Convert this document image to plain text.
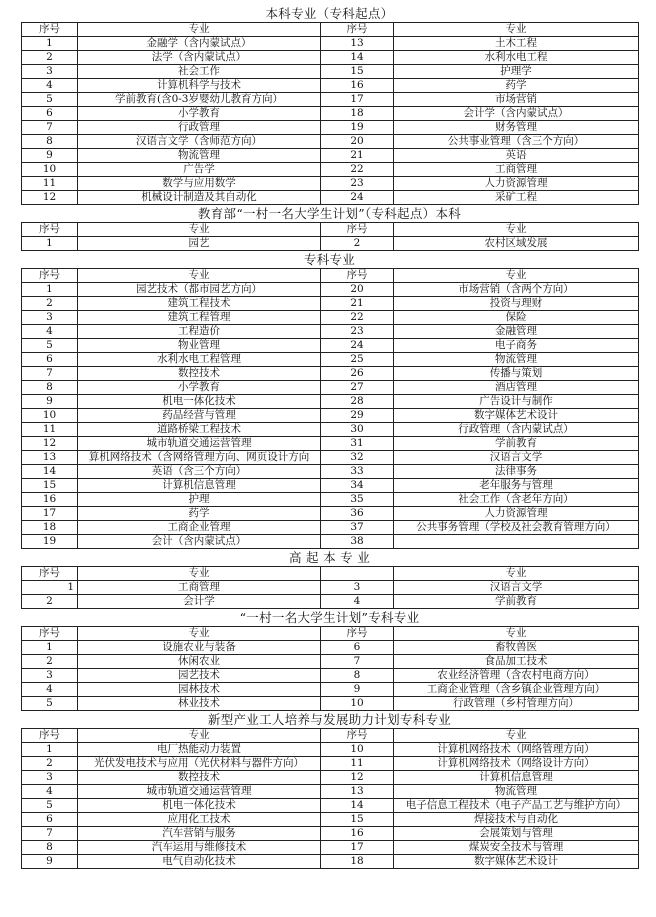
本科专业（专科起点）
序号	专业	序号	专业
1	金融学（含内蒙试点）	13	土木工程
2	法学（含内蒙试点）	14	水利水电工程
3	社会工作	15	护理学
4	计算机科学与技术	16	药学
5	学前教育(含0-3岁婴幼儿教育方向）	17	市场营销
6	小学教育	18	会计学（含内蒙试点）
7	行政管理	19	财务管理
8	汉语言文学（含师范方向）	20	公共事业管理（含三个方向）
9	物流管理	21	英语
10	广告学	22	工商管理
11	数学与应用数学	23	人力资源管理
12	机械设计制造及其自动化	24	采矿工程
教育部“一村一名大学生计划”（专科起点）本科
序号	专业	序号	专业
1	园艺	2	农村区域发展
专科专业
序号	专业	序号	专业
1	园艺技术（都市园艺方向）	20	市场营销（含两个方向）
2	建筑工程技术	21	投资与理财
3	建筑工程管理	22	保险
4	工程造价	23	金融管理
5	物业管理	24	电子商务
6	水利水电工程管理	25	物流管理
7	数控技术	26	传播与策划
8	小学教育	27	酒店管理
9	机电一体化技术	28	广告设计与制作
10	药品经营与管理	29	数字媒体艺术设计
11	道路桥梁工程技术	30	行政管理（含内蒙试点）
12	城市轨道交通运营管理	31	学前教育
13	算机网络技术（含网络管理方向、网页设计方向	32	汉语言文学
14	英语（含三个方向）	33	法律事务
15	计算机信息管理	34	老年服务与管理
16	护理	35	社会工作（含老年方向）
17	药学	36	人力资源管理
18	工商企业管理	37	公共事务管理（学校及社会教育管理方向）
19	会计（含内蒙试点）	38	
高 起 本 专 业
序号	专业		专业
1	工商管理	3	汉语言文学
2	会计学	4	学前教育
“一村一名大学生计划”专科专业
序号	专业	序号	专业
1	设施农业与装备	6	畜牧兽医
2	休闲农业	7	食品加工技术
3	园艺技术	8	农业经济管理（含农村电商方向）
4	园林技术	9	工商企业管理（含乡镇企业管理方向）
5	林业技术	10	行政管理（乡村管理方向）
新型产业工人培养与发展助力计划专科专业
序号	专业	序号	专业
1	电厂热能动力装置	10	计算机网络技术（网络管理方向）
2	光伏发电技术与应用（光伏材料与器件方向）	11	计算机网络技术（网络设计方向）
3	数控技术	12	计算机信息管理
4	城市轨道交通运营管理	13	物流管理
5	机电一体化技术	14	电子信息工程技术（电子产品工艺与维护方向）
6	应用化工技术	15	焊接技术与自动化
7	汽车营销与服务	16	会展策划与管理
8	汽车运用与维修技术	17	煤炭安全技术与管理
9	电气自动化技术	18	数字媒体艺术设计
